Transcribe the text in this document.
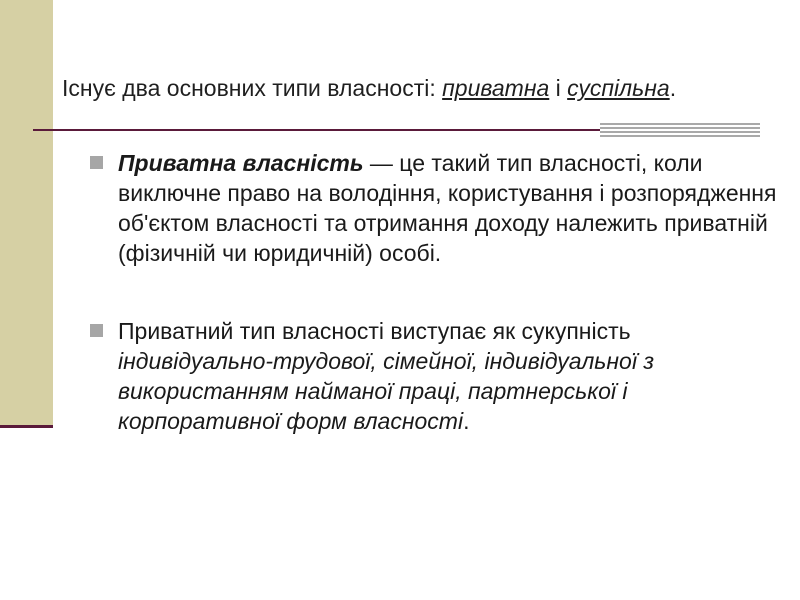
Існує два основних типи власності: приватна і суспільна.
Приватна власність — це такий тип власності, коли виключне право на володіння, користування і розпорядження об'єктом власності та отримання доходу належить приватній (фізичній чи юридичній) особі.
Приватний тип власності виступає як сукупність індивідуально-трудової, сімейної, індивідуальної з використанням найманої праці, партнерської і корпоративної форм власності.
